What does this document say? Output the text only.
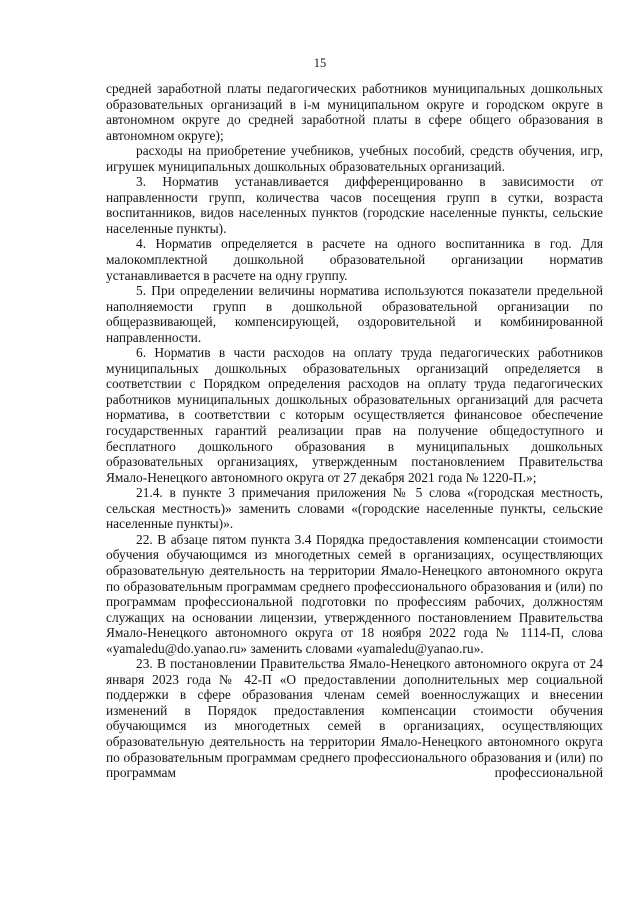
15

средней заработной платы педагогических работников муниципальных дошкольных образовательных организаций в i-м муниципальном округе и городском округе в автономном округе до средней заработной платы в сфере общего образования в автономном округе);

расходы на приобретение учебников, учебных пособий, средств обучения, игр, игрушек муниципальных дошкольных образовательных организаций.

3. Норматив устанавливается дифференцированно в зависимости от направленности групп, количества часов посещения групп в сутки, возраста воспитанников, видов населенных пунктов (городские населенные пункты, сельские населенные пункты).

4. Норматив определяется в расчете на одного воспитанника в год. Для малокомплектной дошкольной образовательной организации норматив устанавливается в расчете на одну группу.

5. При определении величины норматива используются показатели предельной наполняемости групп в дошкольной образовательной организации по общеразвивающей, компенсирующей, оздоровительной и комбинированной направленности.

6. Норматив в части расходов на оплату труда педагогических работников муниципальных дошкольных образовательных организаций определяется в соответствии с Порядком определения расходов на оплату труда педагогических работников муниципальных дошкольных образовательных организаций для расчета норматива, в соответствии с которым осуществляется финансовое обеспечение государственных гарантий реализации прав на получение общедоступного и бесплатного дошкольного образования в муниципальных дошкольных образовательных организациях, утвержденным постановлением Правительства Ямало-Ненецкого автономного округа от 27 декабря 2021 года № 1220-П.»;

21.4. в пункте 3 примечания приложения № 5 слова «(городская местность, сельская местность)» заменить словами «(городские населенные пункты, сельские населенные пункты)».

22. В абзаце пятом пункта 3.4 Порядка предоставления компенсации стоимости обучения обучающимся из многодетных семей в организациях, осуществляющих образовательную деятельность на территории Ямало-Ненецкого автономного округа по образовательным программам среднего профессионального образования и (или) по программам профессиональной подготовки по профессиям рабочих, должностям служащих на основании лицензии, утвержденного постановлением Правительства Ямало-Ненецкого автономного округа от 18 ноября 2022 года № 1114-П, слова «yamaledu@do.yanao.ru» заменить словами «yamaledu@yanao.ru».

23. В постановлении Правительства Ямало-Ненецкого автономного округа от 24 января 2023 года № 42-П «О предоставлении дополнительных мер социальной поддержки в сфере образования членам семей военнослужащих и внесении изменений в Порядок предоставления компенсации стоимости обучения обучающимся из многодетных семей в организациях, осуществляющих образовательную деятельность на территории Ямало-Ненецкого автономного округа по образовательным программам среднего профессионального образования и (или) по программам профессиональной
